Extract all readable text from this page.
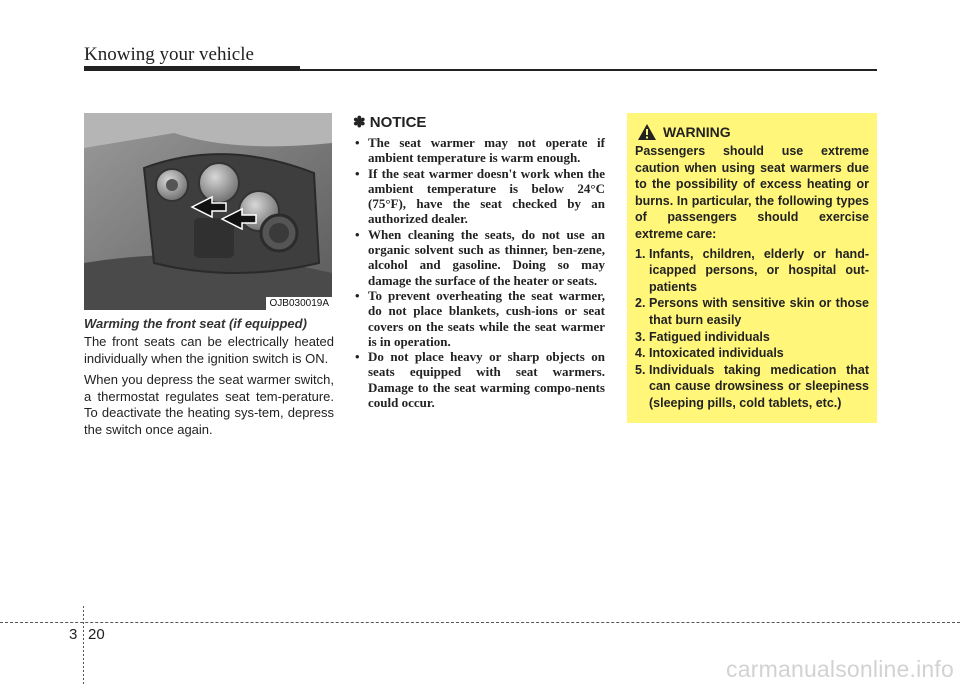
Knowing your vehicle
OJB030019A
Warming the front seat (if equipped)

The front seats can be electrically heated individually when the ignition switch is ON.

When you depress the seat warmer switch, a thermostat regulates seat tem-perature. To deactivate the heating sys-tem, depress the switch once again.

✽ NOTICE
• The seat warmer may not operate if ambient temperature is warm enough.
• If the seat warmer doesn't work when the ambient temperature is below 24°C (75°F), have the seat checked by an authorized dealer.
• When cleaning the seats, do not use an organic solvent such as thinner, ben-zene, alcohol and gasoline. Doing so may damage the surface of the heater or seats.
• To prevent overheating the seat warmer, do not place blankets, cush-ions or seat covers on the seats while the seat warmer is in operation.
• Do not place heavy or sharp objects on seats equipped with seat warmers. Damage to the seat warming compo-nents could occur.
WARNING

Passengers should use extreme caution when using seat warmers due to the possibility of excess heating or burns. In particular, the following types of passengers should exercise extreme care:

1. Infants, children, elderly or hand-icapped persons, or hospital out-patients
2. Persons with sensitive skin or those that burn easily
3. Fatigued individuals
4. Intoxicated individuals
5. Individuals taking medication that can cause drowsiness or sleepiness (sleeping pills, cold tablets, etc.)
3 20
carmanualsonline.info
